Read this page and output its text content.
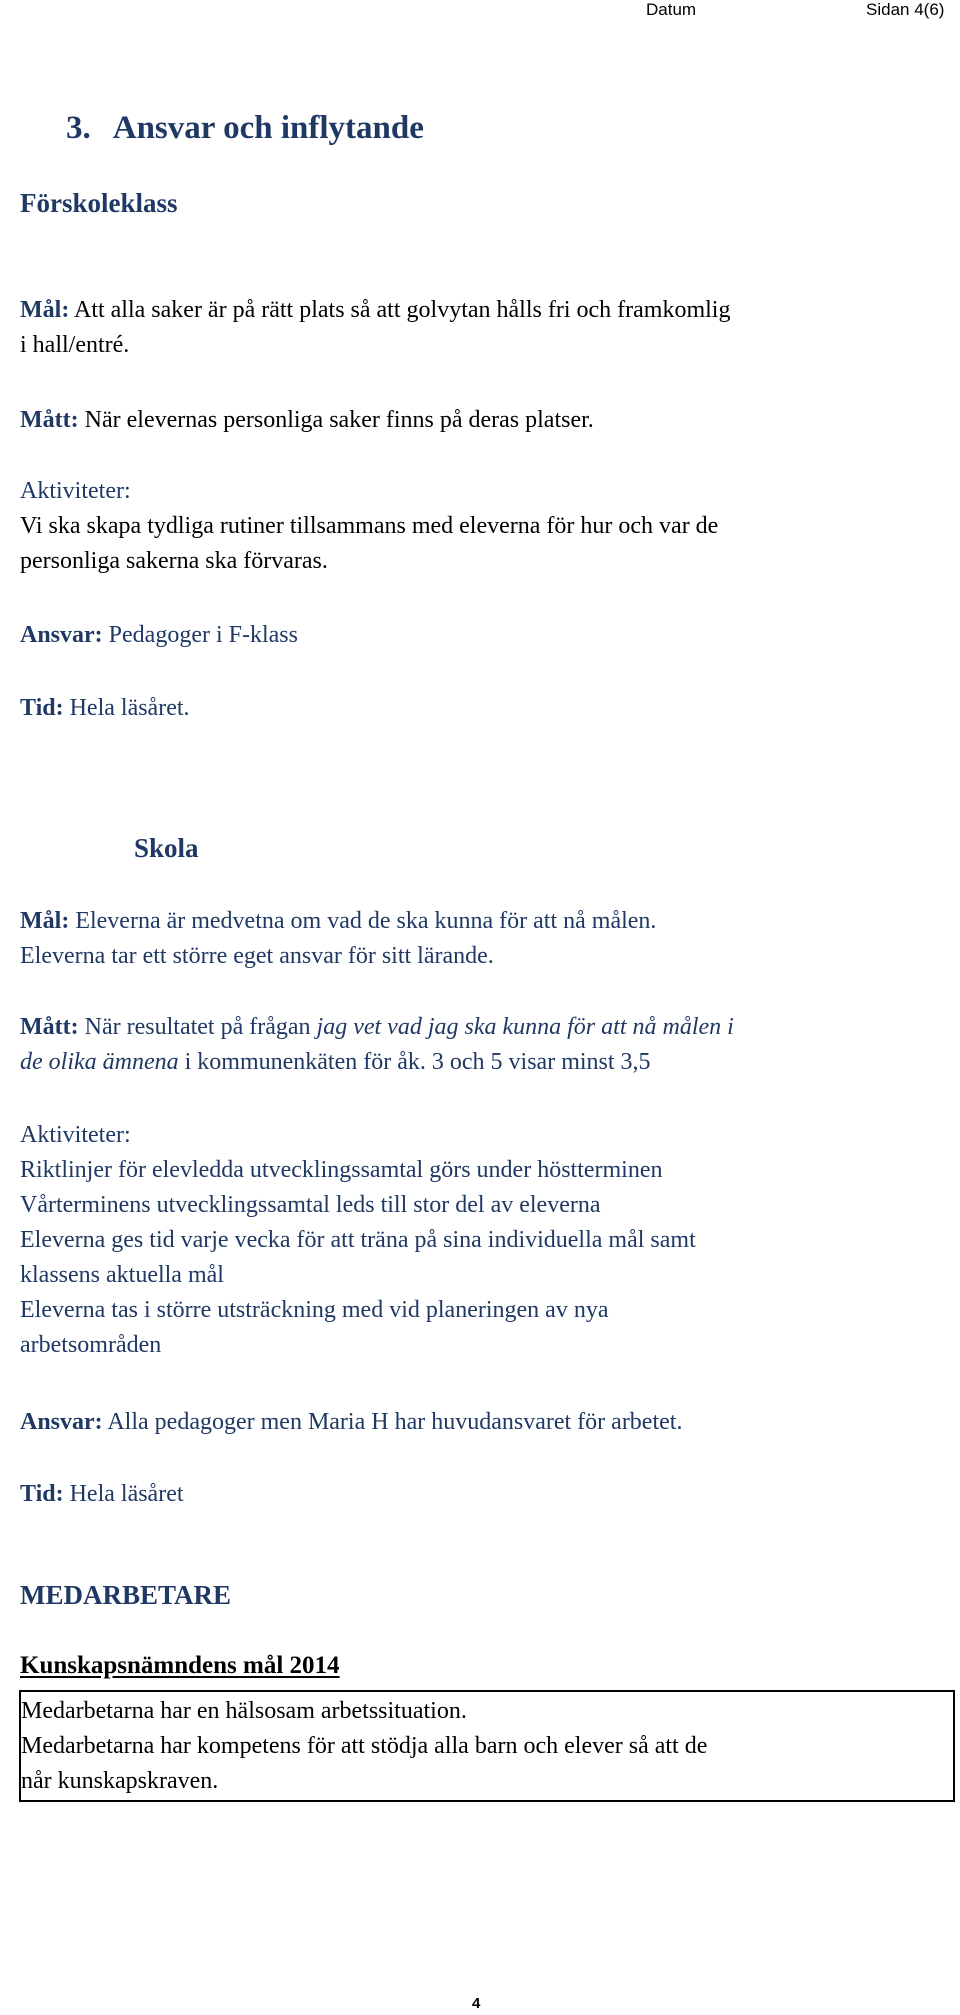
Datum	Sidan 4(6)
3. Ansvar och inflytande
Förskoleklass
Mål: Att alla saker är på rätt plats så att golvytan hålls fri och framkomlig
i hall/entré.
Mått: När elevernas personliga saker finns på deras platser.
Aktiviteter:
Vi ska skapa tydliga rutiner tillsammans med eleverna för hur och var de
personliga sakerna ska förvaras.
Ansvar: Pedagoger i F-klass
Tid: Hela läsåret.
Skola
Mål: Eleverna är medvetna om vad de ska kunna för att nå målen.
Eleverna tar ett större eget ansvar för sitt lärande.
Mått: När resultatet på frågan jag vet vad jag ska kunna för att nå målen i
de olika ämnena i kommunenkäten för åk. 3 och 5 visar minst 3,5
Aktiviteter:
Riktlinjer för elevledda utvecklingssamtal görs under höstterminen
Vårterminens utvecklingssamtal leds till stor del av eleverna
Eleverna ges tid varje vecka för att träna på sina individuella mål samt
klassens aktuella mål
Eleverna tas i större utsträckning med vid planeringen av nya
arbetsområden
Ansvar: Alla pedagoger men Maria H har huvudansvaret för arbetet.
Tid: Hela läsåret
MEDARBETARE
Kunskapsnämndens mål 2014
Medarbetarna har en hälsosam arbetssituation.
Medarbetarna har kompetens för att stödja alla barn och elever så att de
når kunskapskraven.
4
